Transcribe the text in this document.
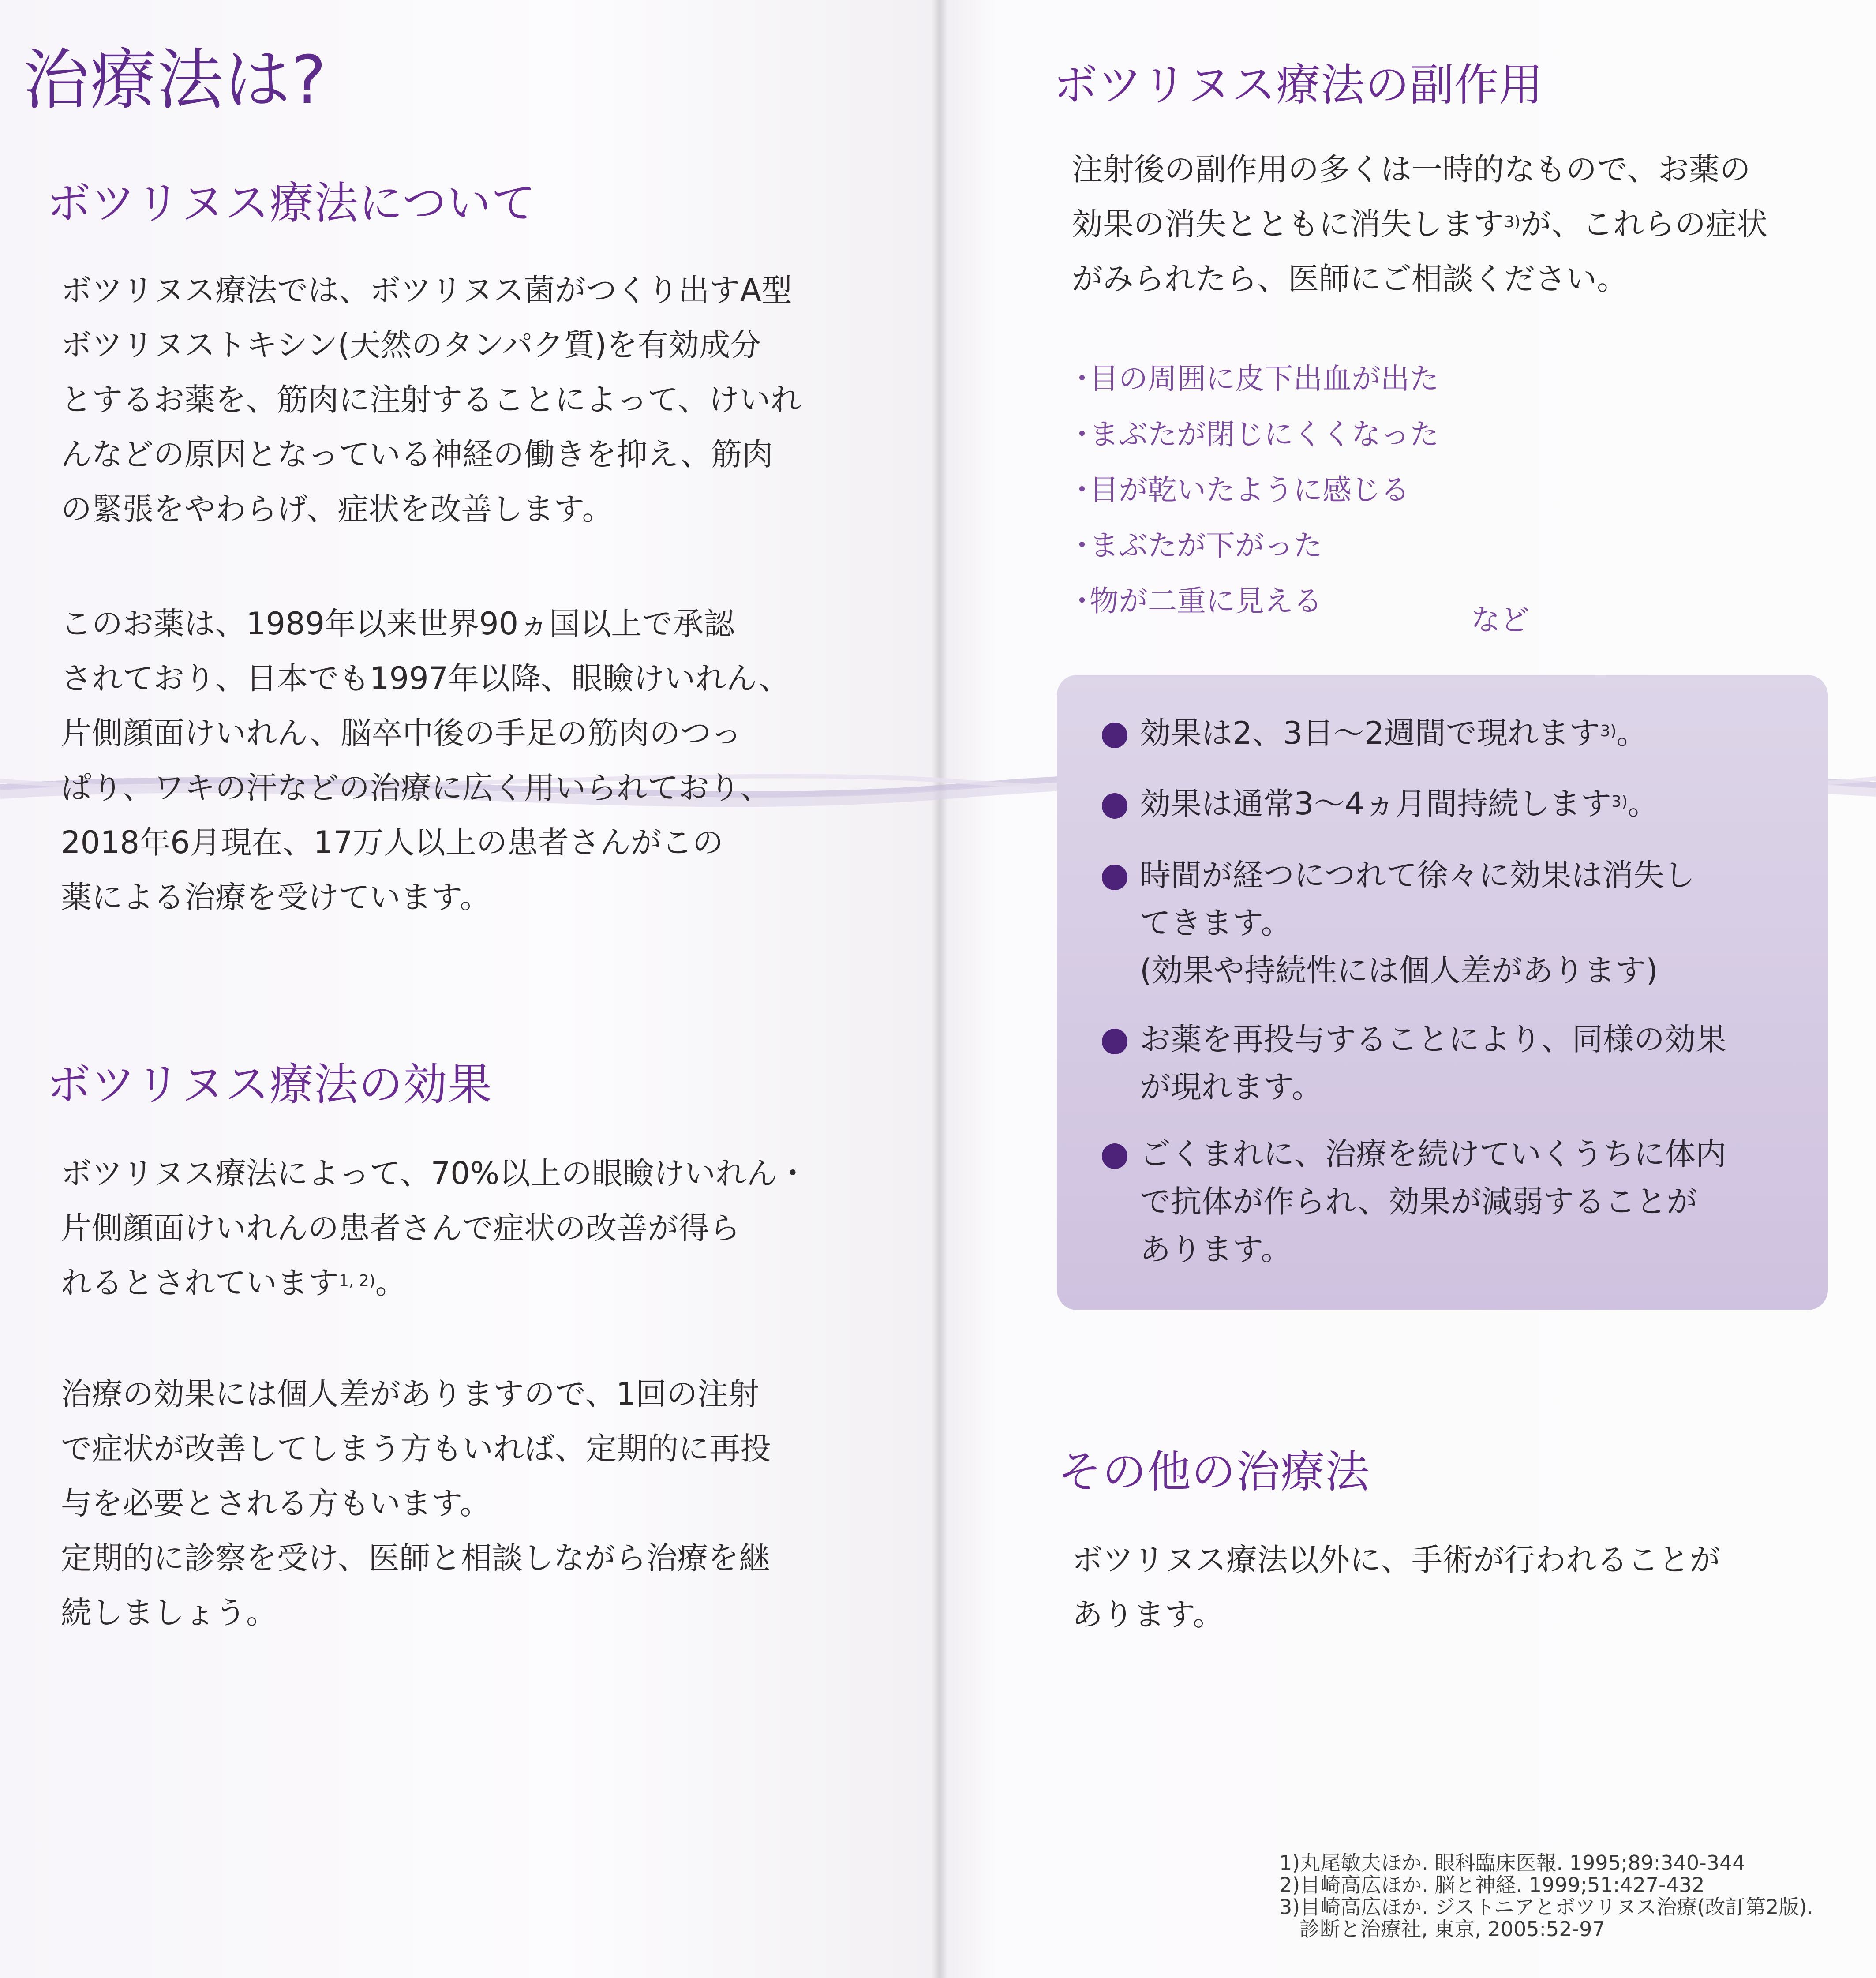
治療法は?
ボツリヌス療法について

ボツリヌス療法では、ボツリヌス菌がつくり出すA型
ボツリヌストキシン(天然のタンパク質)を有効成分
とするお薬を、筋肉に注射することによって、けいれ
んなどの原因となっている神経の働きを抑え、筋肉
の緊張をやわらげ、症状を改善します。

このお薬は、1989年以来世界90ヵ国以上で承認
されており、日本でも1997年以降、眼瞼けいれん、
片側顔面けいれん、脳卒中後の手足の筋肉のつっ
ぱり、ワキの汗などの治療に広く用いられており、
2018年6月現在、17万人以上の患者さんがこの
薬による治療を受けています。

ボツリヌス療法の効果

ボツリヌス療法によって、70%以上の眼瞼けいれん・
片側顔面けいれんの患者さんで症状の改善が得ら
れるとされています$^{1, 2)}$。

治療の効果には個人差がありますので、1回の注射
で症状が改善してしまう方もいれば、定期的に再投
与を必要とされる方もいます。
定期的に診察を受け、医師と相談しながら治療を継
続しましょう。

ボツリヌス療法の副作用

注射後の副作用の多くは一時的なもので、お薬の
効果の消失とともに消失します$^{3)}$が、これらの症状
がみられたら、医師にご相談ください。

・目の周囲に皮下出血が出た
・まぶたが閉じにくくなった
・目が乾いたように感じる
・まぶたが下がった
・物が二重に見える
など
効果は2、3日〜2週間で現れます$^{3)}$。
効果は通常3〜4ヵ月間持続します$^{3)}$。
時間が経つにつれて徐々に効果は消失し
てきます。
(効果や持続性には個人差があります)
お薬を再投与することにより、同様の効果
が現れます。
ごくまれに、治療を続けていくうちに体内
で抗体が作られ、効果が減弱することが
あります。
その他の治療法

ボツリヌス療法以外に、手術が行われることが
あります。

1)丸尾敏夫ほか. 眼科臨床医報. 1995;89:340-344
2)目崎高広ほか. 脳と神経. 1999;51:427-432
3)目崎高広ほか. ジストニアとボツリヌス治療(改訂第2版).
　診断と治療社, 東京, 2005:52-97
